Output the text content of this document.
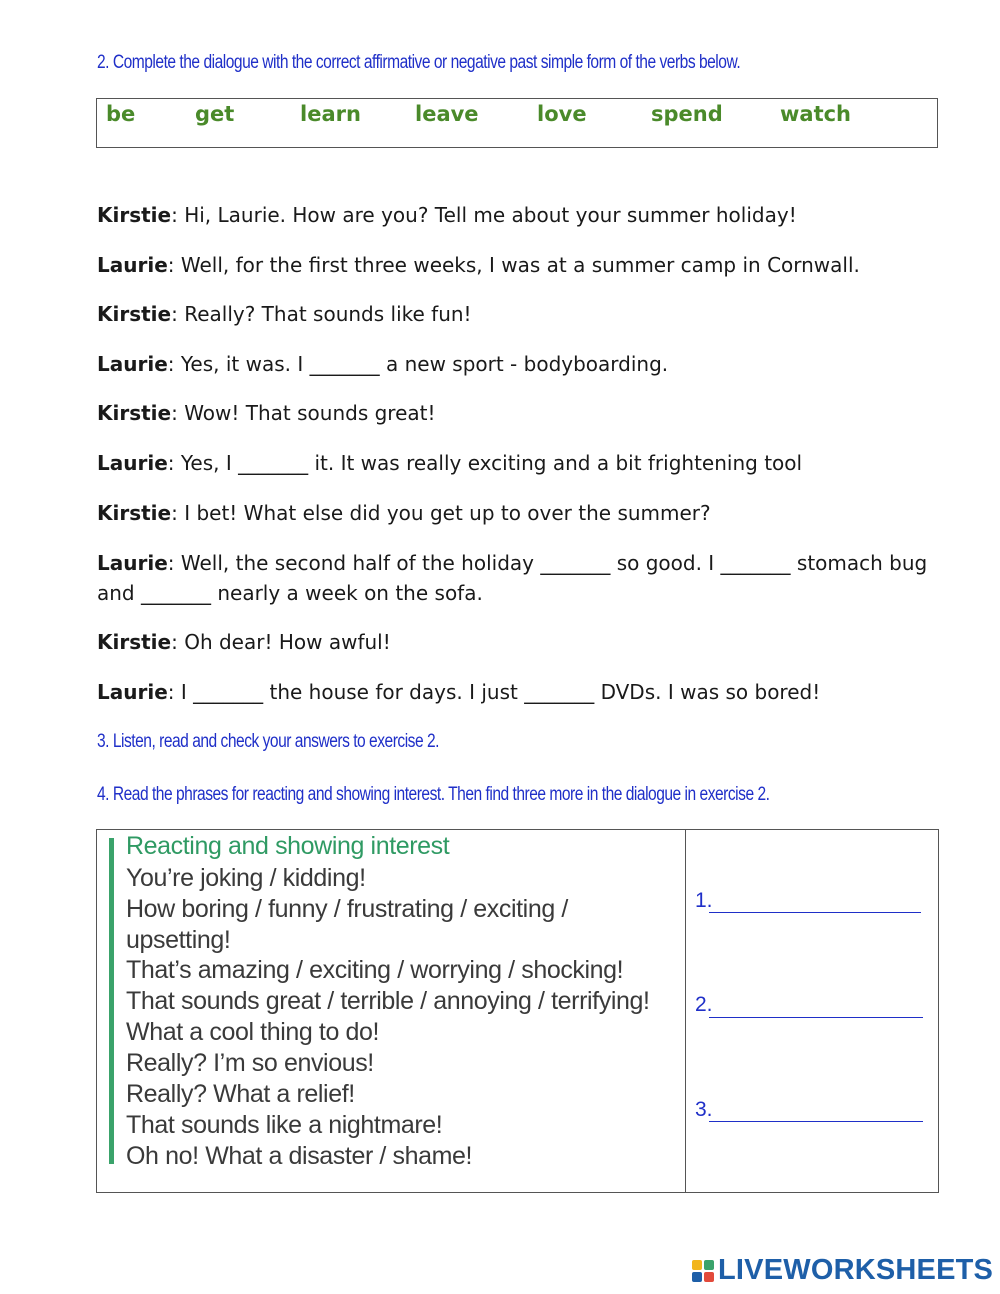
2. Complete the dialogue with the correct affirmative or negative past simple form of the verbs below.
be	get	learn	leave	love	spend	watch
Kirstie: Hi, Laurie. How are you? Tell me about your summer holiday!
Laurie: Well, for the first three weeks, I was at a summer camp in Cornwall.
Kirstie: Really? That sounds like fun!
Laurie: Yes, it was. I _______ a new sport - bodyboarding.
Kirstie: Wow! That sounds great!
Laurie: Yes, I _______ it. It was really exciting and a bit frightening tool
Kirstie: I bet! What else did you get up to over the summer?
Laurie: Well, the second half of the holiday _______ so good. I _______ stomach bug and _______ nearly a week on the sofa.
Kirstie: Oh dear! How awful!
Laurie: I _______ the house for days. I just _______ DVDs. I was so bored!
3. Listen, read and check your answers to exercise 2.
4. Read the phrases for reacting and showing interest. Then find three more in the dialogue in exercise 2.
Reacting and showing interest
You’re joking / kidding!
How boring / funny / frustrating / exciting /
upsetting!
That’s amazing / exciting / worrying / shocking!
That sounds great / terrible / annoying / terrifying!
What a cool thing to do!
Really? I’m so envious!
Really? What a relief!
That sounds like a nightmare!
Oh no! What a disaster / shame!
1.
2.
3.
LIVEWORKSHEETS
